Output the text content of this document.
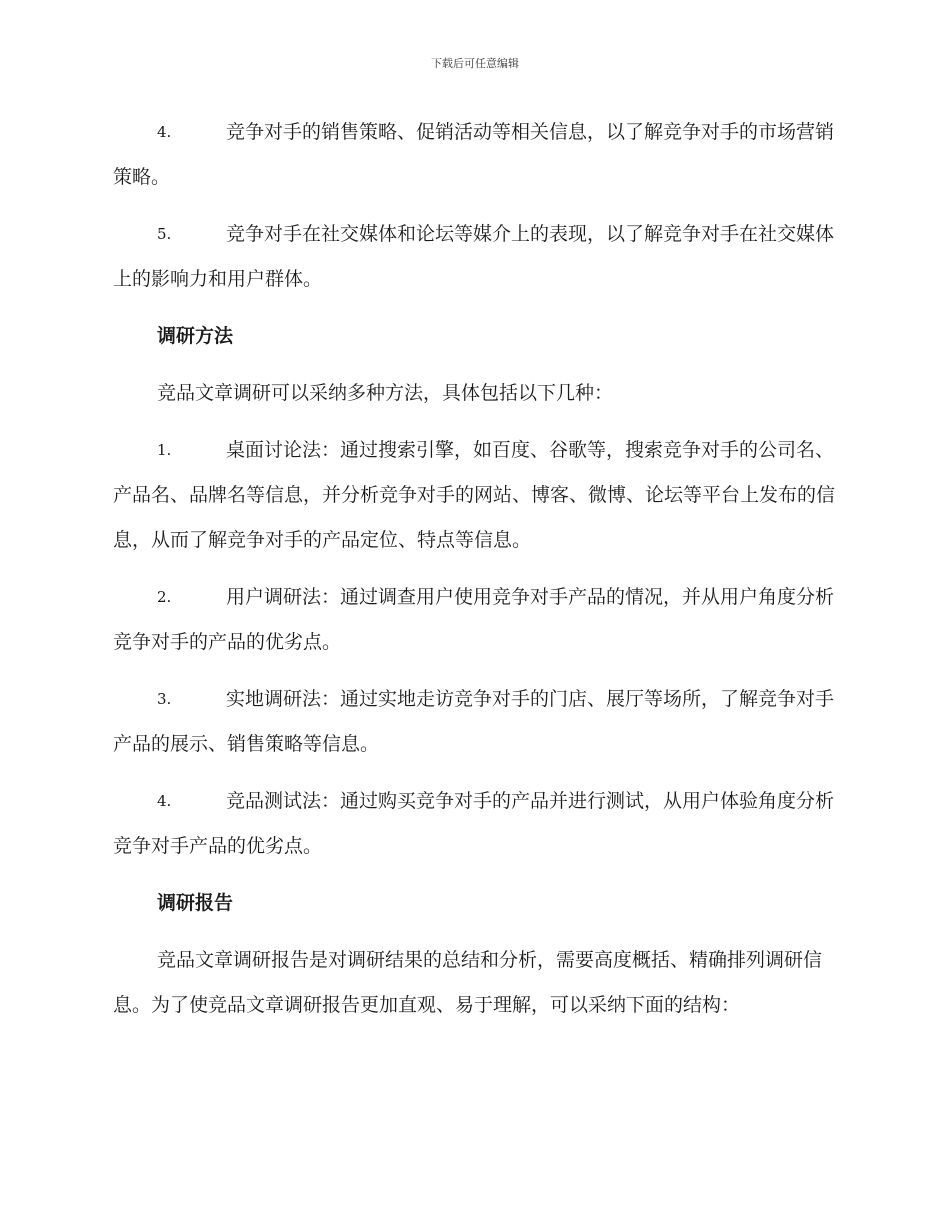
下载后可任意编辑

4.	竞争对手的销售策略、促销活动等相关信息，以了解竞争对手的市场营销策略。

5.	竞争对手在社交媒体和论坛等媒介上的表现，以了解竞争对手在社交媒体上的影响力和用户群体。

调研方法

竞品文章调研可以采纳多种方法，具体包括以下几种：

1.	桌面讨论法：通过搜索引擎，如百度、谷歌等，搜索竞争对手的公司名、产品名、品牌名等信息，并分析竞争对手的网站、博客、微博、论坛等平台上发布的信息，从而了解竞争对手的产品定位、特点等信息。

2.	用户调研法：通过调查用户使用竞争对手产品的情况，并从用户角度分析竞争对手的产品的优劣点。

3.	实地调研法：通过实地走访竞争对手的门店、展厅等场所，了解竞争对手产品的展示、销售策略等信息。

4.	竞品测试法：通过购买竞争对手的产品并进行测试，从用户体验角度分析竞争对手产品的优劣点。

调研报告

竞品文章调研报告是对调研结果的总结和分析，需要高度概括、精确排列调研信息。为了使竞品文章调研报告更加直观、易于理解，可以采纳下面的结构：
